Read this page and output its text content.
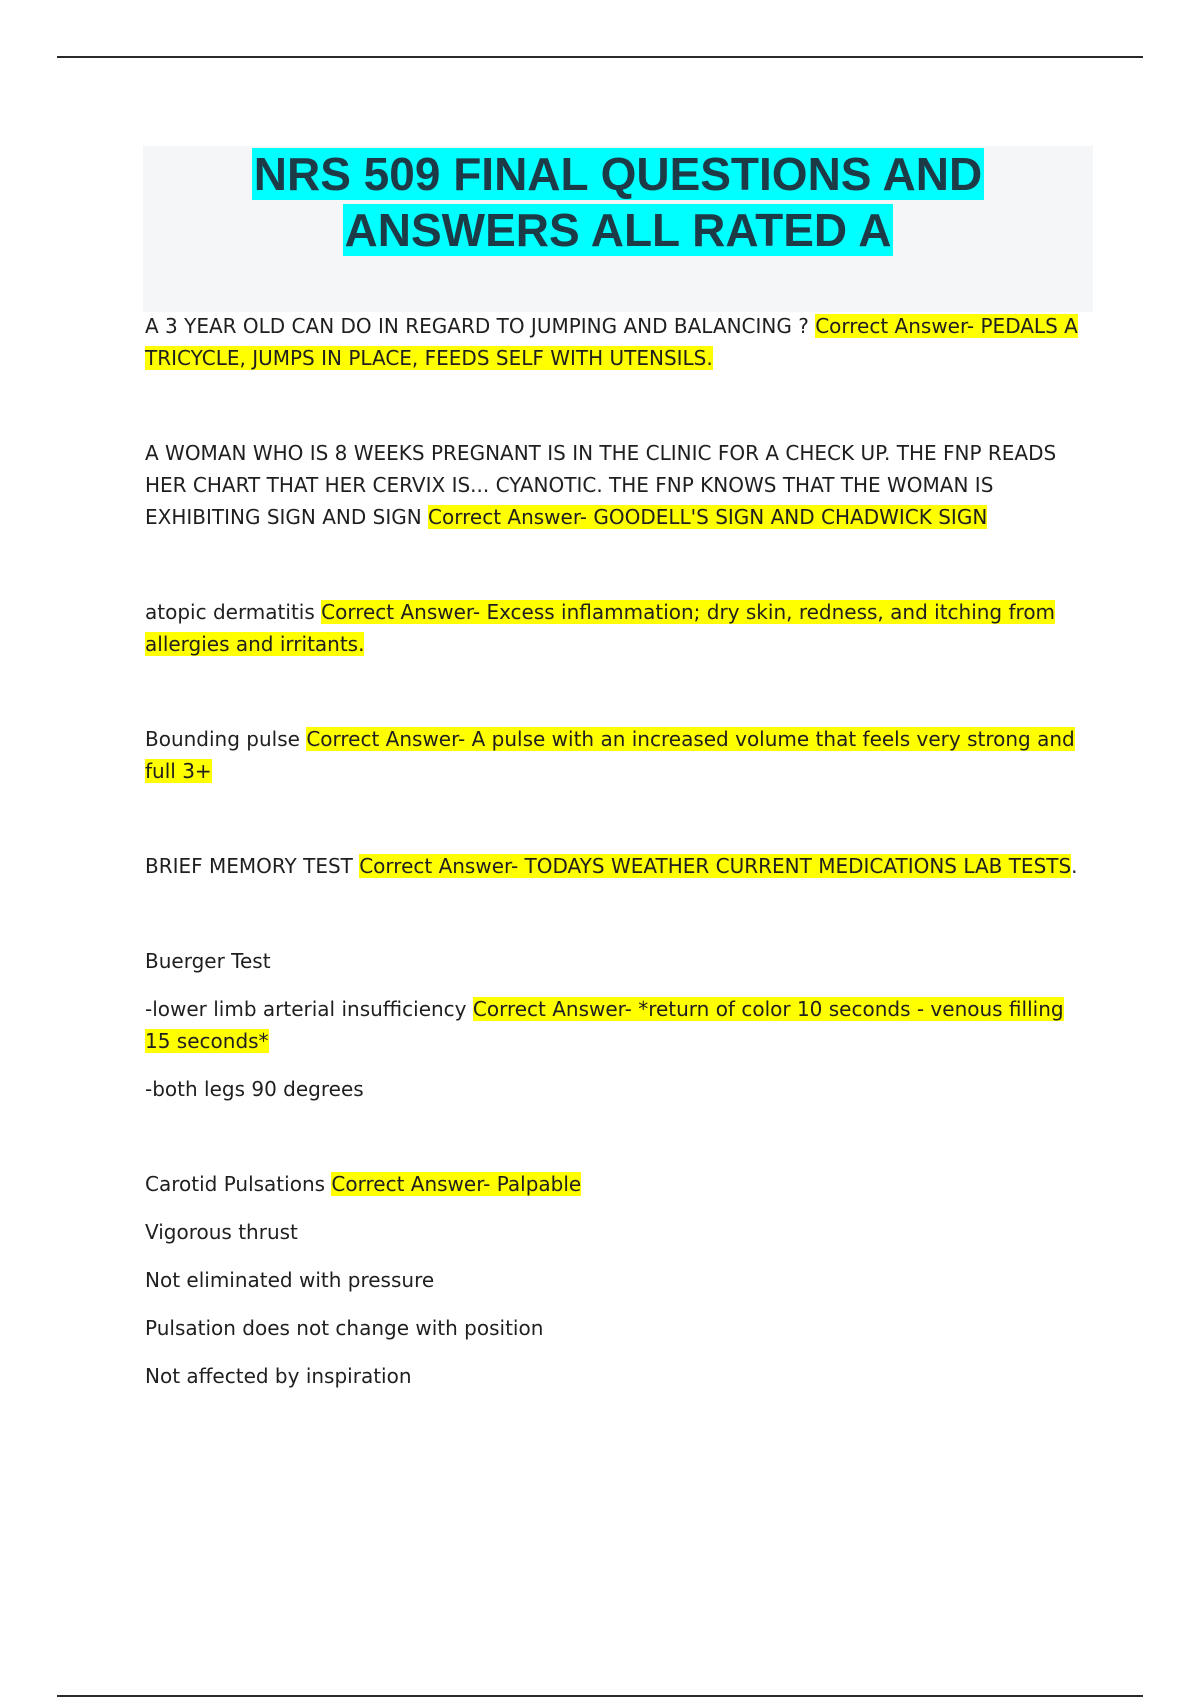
NRS 509 FINAL QUESTIONS AND
ANSWERS ALL RATED A

A 3 YEAR OLD CAN DO IN REGARD TO JUMPING AND BALANCING ? Correct Answer- PEDALS A TRICYCLE, JUMPS IN PLACE, FEEDS SELF WITH UTENSILS.

A WOMAN WHO IS 8 WEEKS PREGNANT IS IN THE CLINIC FOR A CHECK UP. THE FNP READS HER CHART THAT HER CERVIX IS... CYANOTIC. THE FNP KNOWS THAT THE WOMAN IS EXHIBITING SIGN AND SIGN Correct Answer- GOODELL'S SIGN AND CHADWICK SIGN

atopic dermatitis Correct Answer- Excess inflammation; dry skin, redness, and itching from allergies and irritants.

Bounding pulse Correct Answer- A pulse with an increased volume that feels very strong and full 3+

BRIEF MEMORY TEST Correct Answer- TODAYS WEATHER CURRENT MEDICATIONS LAB TESTS.

Buerger Test

-lower limb arterial insufficiency Correct Answer- *return of color 10 seconds - venous filling 15 seconds*

-both legs 90 degrees

Carotid Pulsations Correct Answer- Palpable

Vigorous thrust

Not eliminated with pressure

Pulsation does not change with position

Not affected by inspiration
